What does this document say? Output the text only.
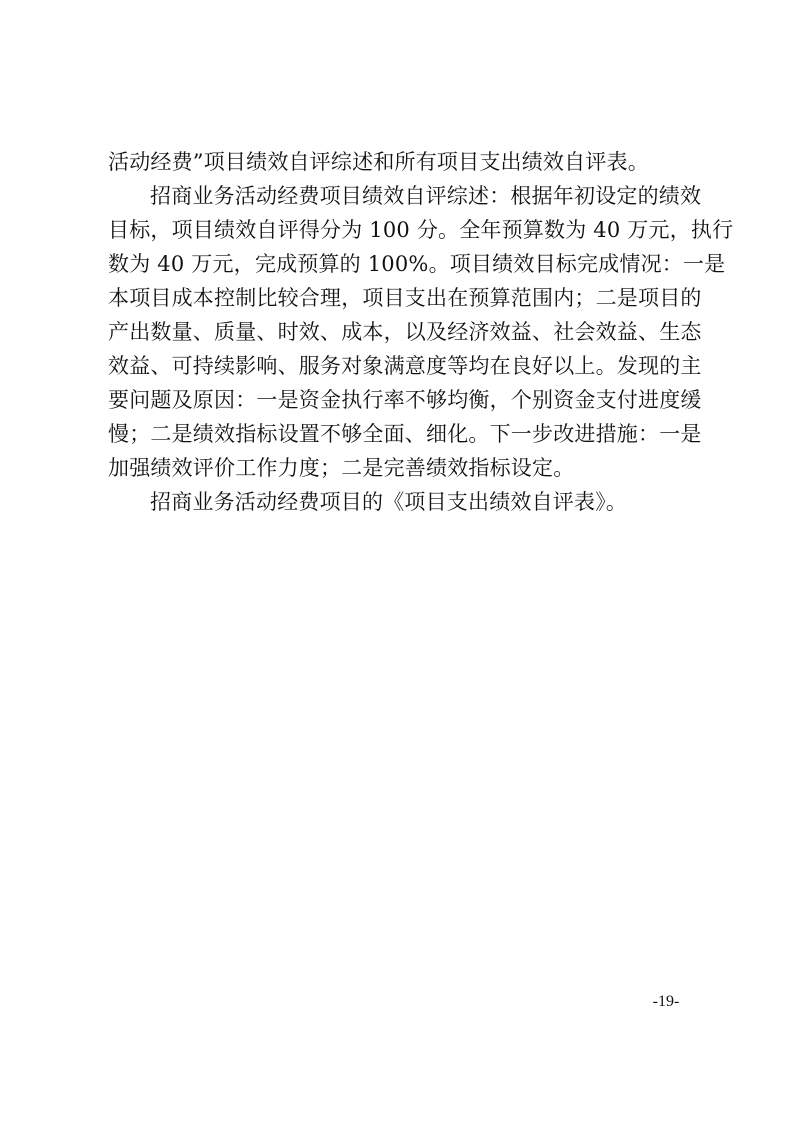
活动经费”项目绩效自评综述和所有项目支出绩效自评表。
招商业务活动经费项目绩效自评综述：根据年初设定的绩效
目标，项目绩效自评得分为 100 分。全年预算数为 40 万元，执行
数为 40 万元，完成预算的 100%。项目绩效目标完成情况：一是
本项目成本控制比较合理，项目支出在预算范围内；二是项目的
产出数量、质量、时效、成本，以及经济效益、社会效益、生态
效益、可持续影响、服务对象满意度等均在良好以上。发现的主
要问题及原因：一是资金执行率不够均衡，个别资金支付进度缓
慢；二是绩效指标设置不够全面、细化。下一步改进措施：一是
加强绩效评价工作力度；二是完善绩效指标设定。
招商业务活动经费项目的《项目支出绩效自评表》。
-19-
